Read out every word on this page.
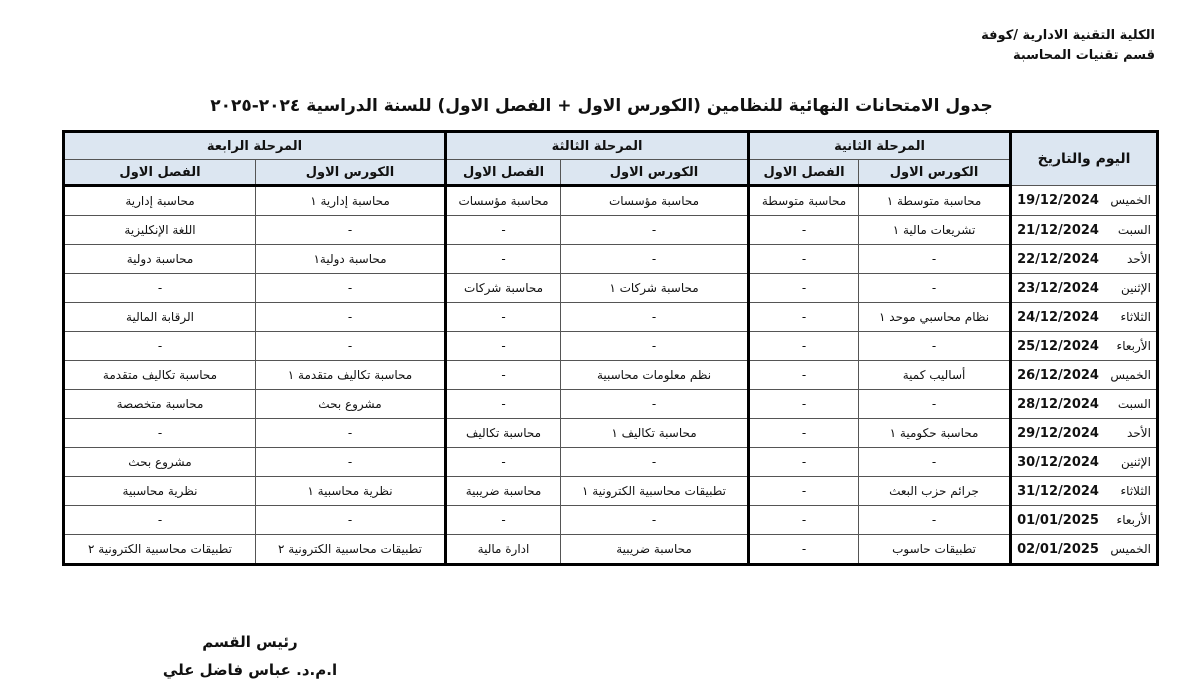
الكلية التقنية الادارية /كوفة
قسم تقنيات المحاسبة
جدول الامتحانات النهائية للنظامين (الكورس الاول + الفصل الاول) للسنة الدراسية ٢٠٢٤-٢٠٢٥
اليوم والتاريخ	المرحلة الثانية		المرحلة الثالثة		المرحلة الرابعة	
	الكورس الاول	الفصل الاول	الكورس الاول	الفصل الاول	الكورس الاول	الفصل الاول
الخميس19/12/2024	محاسبة متوسطة ١	محاسبة متوسطة	محاسبة مؤسسات	محاسبة مؤسسات	محاسبة إدارية ١	محاسبة إدارية
السبت21/12/2024	تشريعات مالية ١	-	-	-	-	اللغة الإنكليزية
الأحد22/12/2024	-	-	-	-	محاسبة دولية١	محاسبة دولية
الإثنين23/12/2024	-	-	محاسبة شركات ١	محاسبة شركات	-	-
الثلاثاء24/12/2024	نظام محاسبي موحد ١	-	-	-	-	الرقابة المالية
الأربعاء25/12/2024	-	-	-	-	-	-
الخميس26/12/2024	أساليب كمية	-	نظم معلومات محاسبية	-	محاسبة تكاليف متقدمة ١	محاسبة تكاليف متقدمة
السبت28/12/2024	-	-	-	-	مشروع بحث	محاسبة متخصصة
الأحد29/12/2024	محاسبة حكومية ١	-	محاسبة تكاليف ١	محاسبة تكاليف	-	-
الإثنين30/12/2024	-	-	-	-	-	مشروع بحث
الثلاثاء31/12/2024	جرائم حزب البعث	-	تطبيقات محاسبية الكترونية ١	محاسبة ضريبية	نظرية محاسبية ١	نظرية محاسبية
الأربعاء01/01/2025	-	-	-	-	-	-
الخميس02/01/2025	تطبيقات حاسوب	-	محاسبة ضريبية	ادارة مالية	تطبيقات محاسبية الكترونية ٢	تطبيقات محاسبية الكترونية ٢
رئيس القسم
ا.م.د. عباس فاضل علي
